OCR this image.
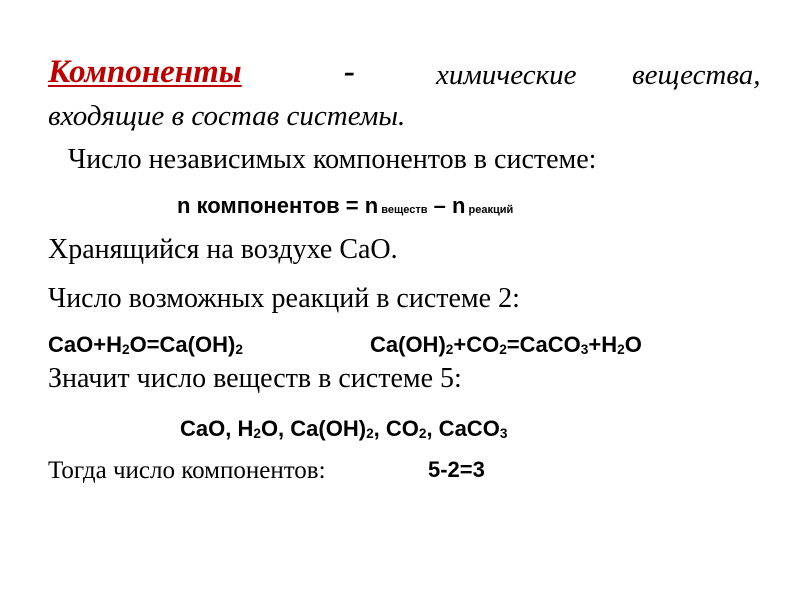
Компоненты	-	химические вещества,
входящие в состав системы.
Число независимых компонентов в системе:
n компонентов = n веществ – n реакций
Хранящийся на воздухе CaO.
Число возможных реакций в системе 2:
CaO+H2O=Ca(OH)2	Ca(OH)2+CO2=CaCO3+H2O
Значит число веществ в системе 5:
CaO, H2O, Ca(OH)2, CO2, CaCO3
Тогда число компонентов:	5-2=3
